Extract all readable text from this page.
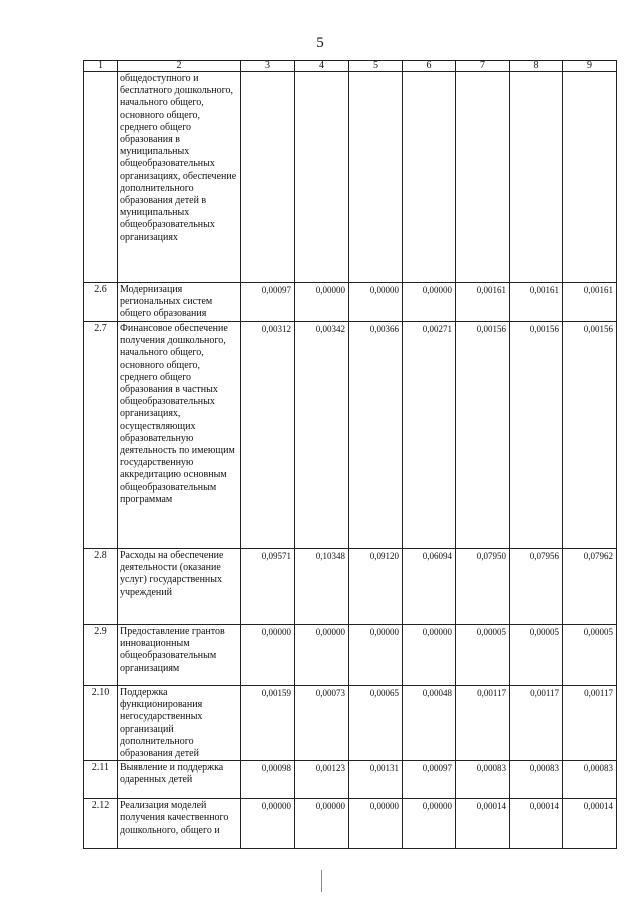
5
1	2	3	4	5	6	7	8	9
	общедоступного и бесплатного дошкольного, начального общего, основного общего, среднего общего образования в муниципальных общеобразовательных организациях, обеспечение дополнительного образования детей в муниципальных общеобразовательных организациях							
2.6	Модернизация региональных систем общего образования	0,00097	0,00000	0,00000	0,00000	0,00161	0,00161	0,00161
2.7	Финансовое обеспечение получения дошкольного, начального общего, основного общего, среднего общего образования в частных общеобразовательных организациях, осуществляющих образовательную деятельность по имеющим государственную аккредитацию основным общеобразовательным программам	0,00312	0,00342	0,00366	0,00271	0,00156	0,00156	0,00156
2.8	Расходы на обеспечение деятельности (оказание услуг) государственных учреждений	0,09571	0,10348	0,09120	0,06094	0,07950	0,07956	0,07962
2.9	Предоставление грантов инновационным общеобразовательным организациям	0,00000	0,00000	0,00000	0,00000	0,00005	0,00005	0,00005
2.10	Поддержка функционирования негосударственных организаций дополнительного образования детей	0,00159	0,00073	0,00065	0,00048	0,00117	0,00117	0,00117
2.11	Выявление и поддержка одаренных детей	0,00098	0,00123	0,00131	0,00097	0,00083	0,00083	0,00083
2.12	Реализация моделей получения качественного дошкольного, общего и	0,00000	0,00000	0,00000	0,00000	0,00014	0,00014	0,00014
